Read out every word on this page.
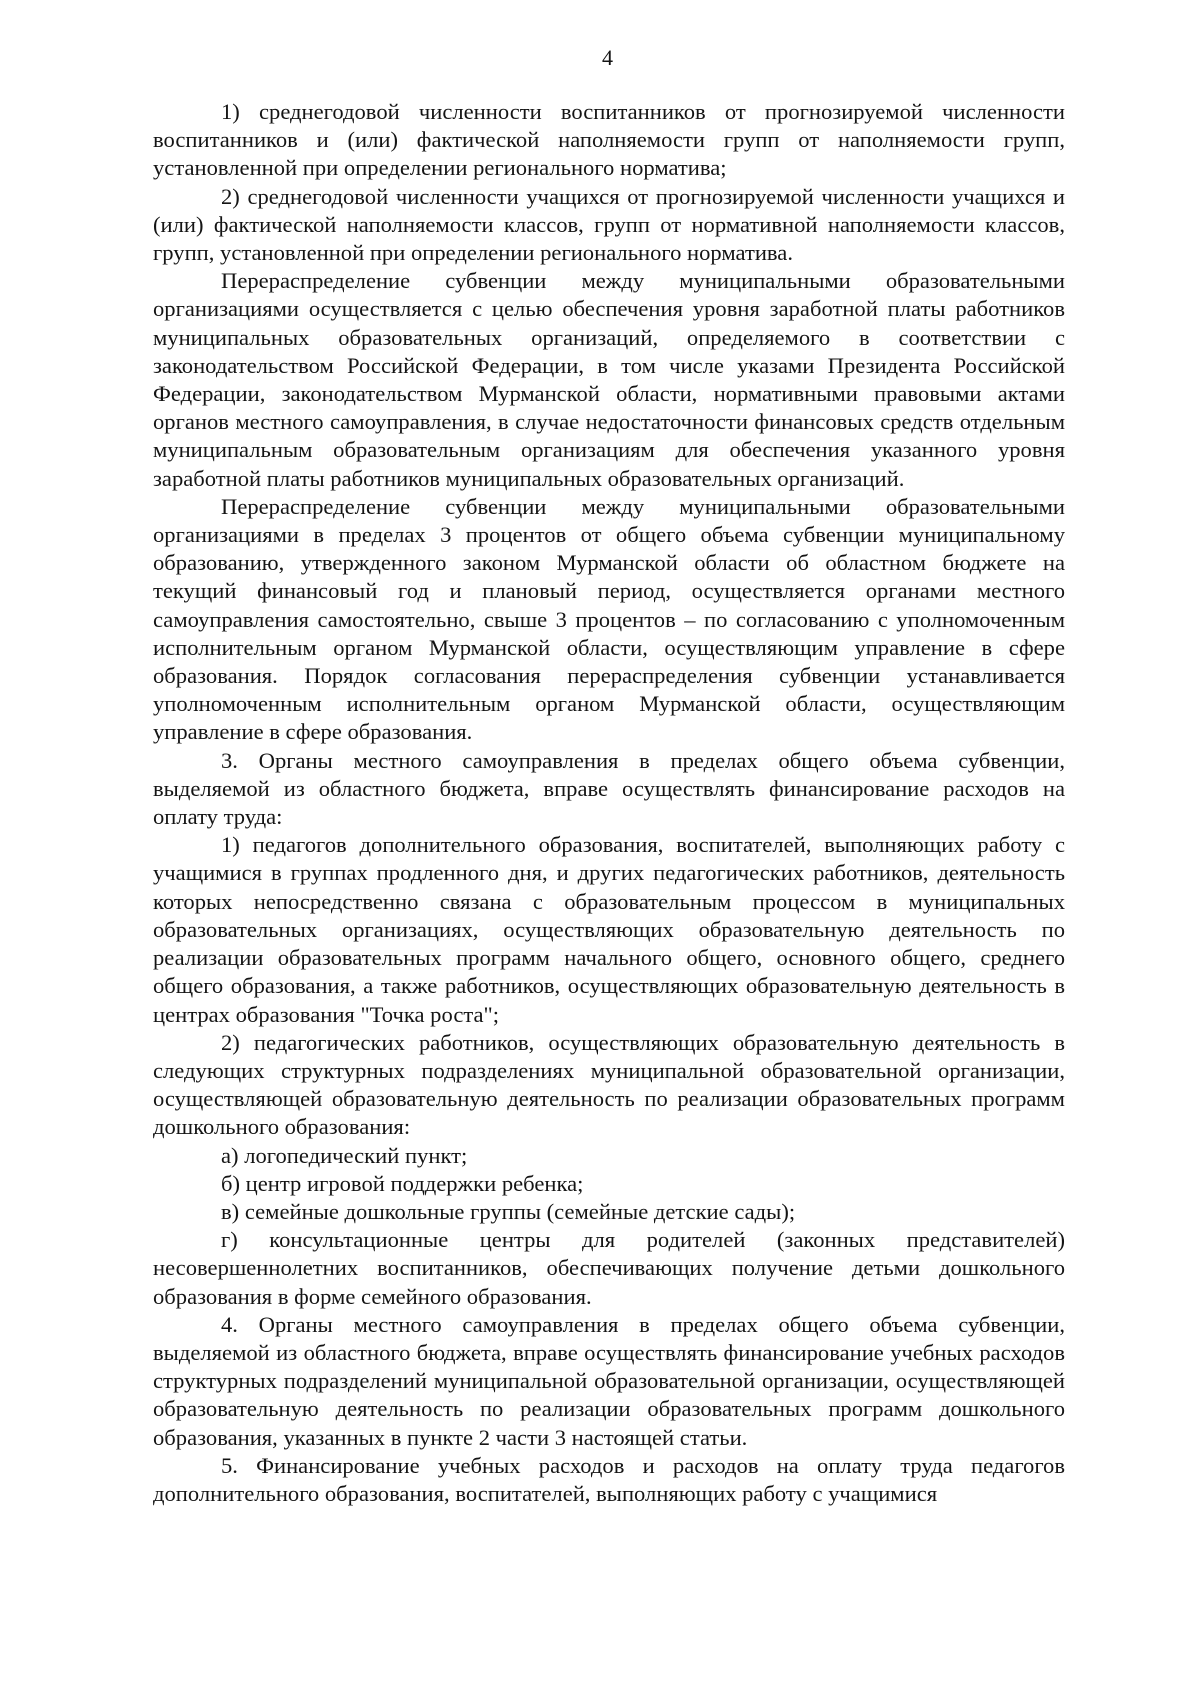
4

1) среднегодовой численности воспитанников от прогнозируемой численности воспитанников и (или) фактической наполняемости групп от наполняемости групп, установленной при определении регионального норматива;

2) среднегодовой численности учащихся от прогнозируемой численности учащихся и (или) фактической наполняемости классов, групп от нормативной наполняемости классов, групп, установленной при определении регионального норматива.

Перераспределение субвенции между муниципальными образовательными организациями осуществляется с целью обеспечения уровня заработной платы работников муниципальных образовательных организаций, определяемого в соответствии с законодательством Российской Федерации, в том числе указами Президента Российской Федерации, законодательством Мурманской области, нормативными правовыми актами органов местного самоуправления, в случае недостаточности финансовых средств отдельным муниципальным образовательным организациям для обеспечения указанного уровня заработной платы работников муниципальных образовательных организаций.

Перераспределение субвенции между муниципальными образовательными организациями в пределах 3 процентов от общего объема субвенции муниципальному образованию, утвержденного законом Мурманской области об областном бюджете на текущий финансовый год и плановый период, осуществляется органами местного самоуправления самостоятельно, свыше 3 процентов – по согласованию с уполномоченным исполнительным органом Мурманской области, осуществляющим управление в сфере образования. Порядок согласования перераспределения субвенции устанавливается уполномоченным исполнительным органом Мурманской области, осуществляющим управление в сфере образования.

3. Органы местного самоуправления в пределах общего объема субвенции, выделяемой из областного бюджета, вправе осуществлять финансирование расходов на оплату труда:

1) педагогов дополнительного образования, воспитателей, выполняющих работу с учащимися в группах продленного дня, и других педагогических работников, деятельность которых непосредственно связана с образовательным процессом в муниципальных образовательных организациях, осуществляющих образовательную деятельность по реализации образовательных программ начального общего, основного общего, среднего общего образования, а также работников, осуществляющих образовательную деятельность в центрах образования "Точка роста";

2) педагогических работников, осуществляющих образовательную деятельность в следующих структурных подразделениях муниципальной образовательной организации, осуществляющей образовательную деятельность по реализации образовательных программ дошкольного образования:

а) логопедический пункт;

б) центр игровой поддержки ребенка;

в) семейные дошкольные группы (семейные детские сады);

г) консультационные центры для родителей (законных представителей) несовершеннолетних воспитанников, обеспечивающих получение детьми дошкольного образования в форме семейного образования.

4. Органы местного самоуправления в пределах общего объема субвенции, выделяемой из областного бюджета, вправе осуществлять финансирование учебных расходов структурных подразделений муниципальной образовательной организации, осуществляющей образовательную деятельность по реализации образовательных программ дошкольного образования, указанных в пункте 2 части 3 настоящей статьи.

5. Финансирование учебных расходов и расходов на оплату труда педагогов дополнительного образования, воспитателей, выполняющих работу с учащимися
